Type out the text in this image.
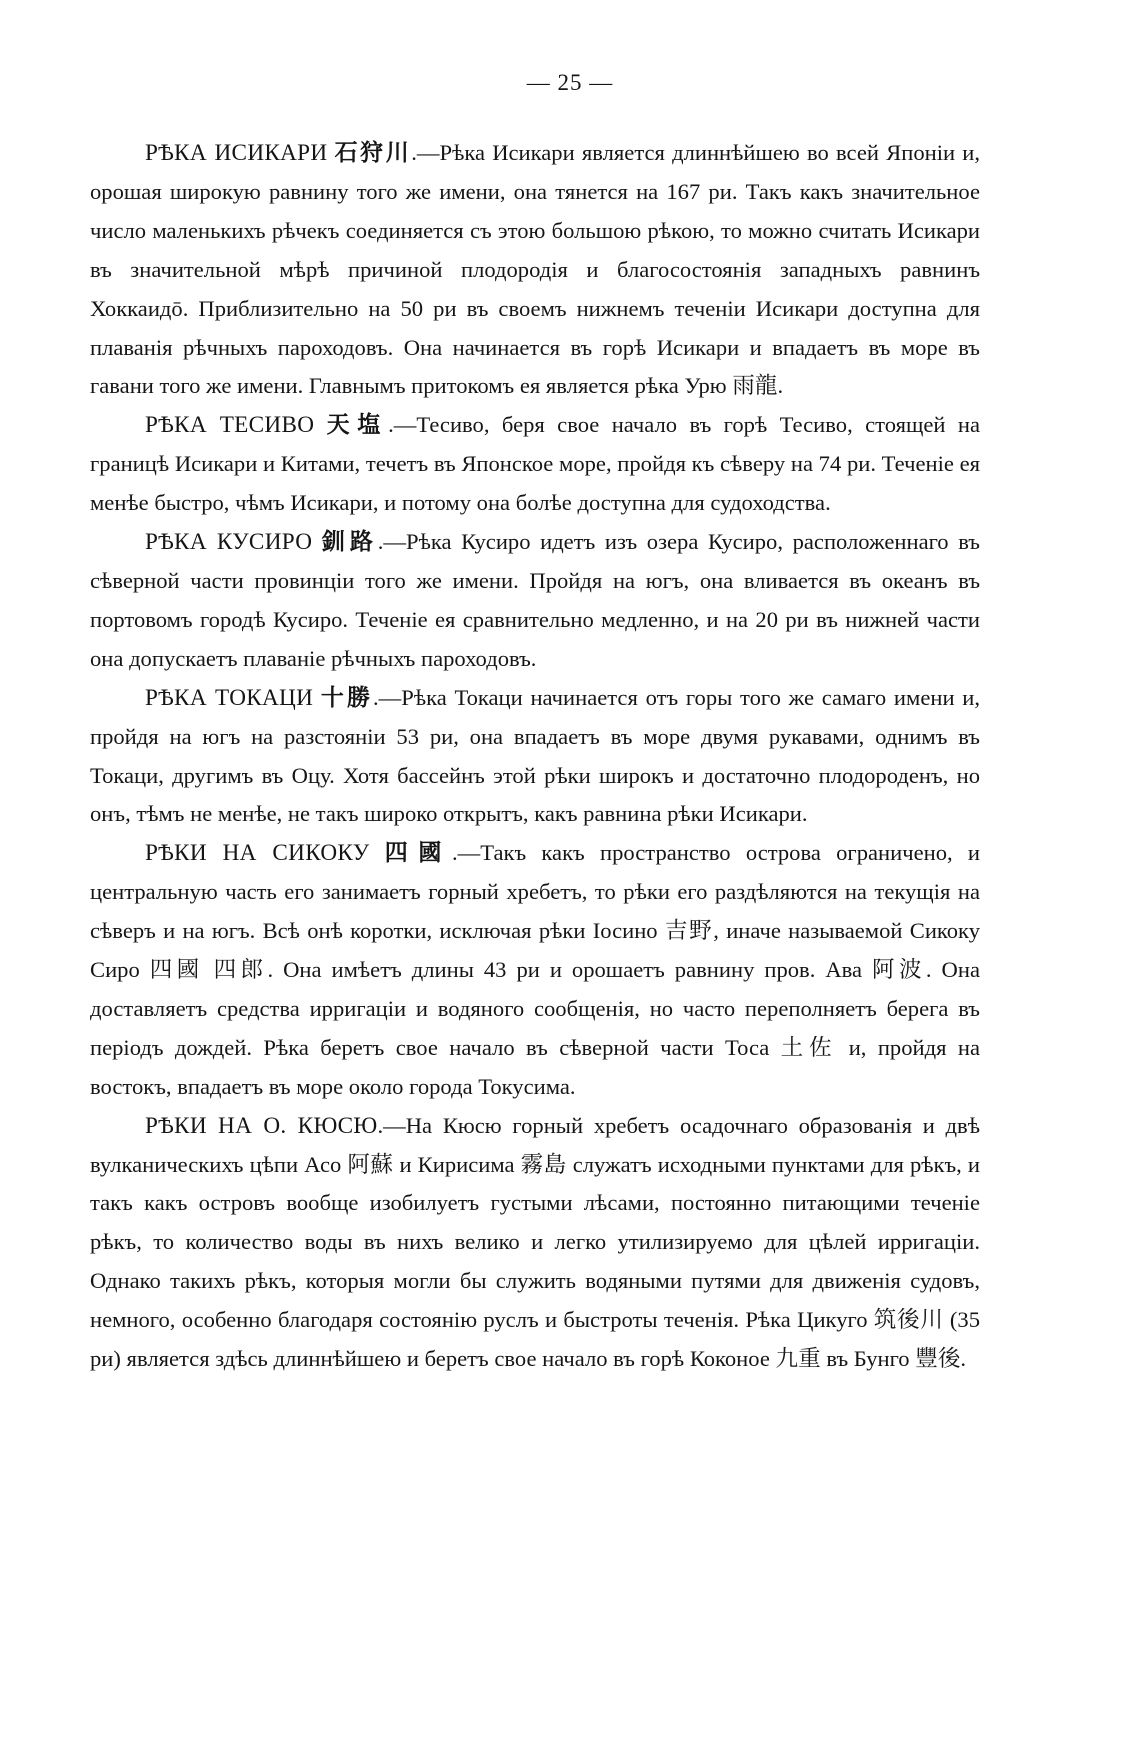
— 25 —

РѢКА ИСИКАРИ 石狩川.—Рѣка Исикари является длиннѣйшею во всей Японіи и, орошая широкую равнину того же имени, она тянется на 167 ри. Такъ какъ значительное число маленькихъ рѣчекъ соединяется съ этою большою рѣкою, то можно считать Исикари въ значительной мѣрѣ причиной плодородія и благосостоянія западныхъ равнинъ Хоккаидō. Приблизительно на 50 ри въ своемъ нижнемъ теченіи Исикари доступна для плаванія рѣчныхъ пароходовъ. Она начинается въ горѣ Исикари и впадаетъ въ море въ гавани того же имени. Главнымъ притокомъ ея является рѣка Урю 雨龍.

РѢКА ТЕСИВО 天塩.—Тесиво, беря свое начало въ горѣ Тесиво, стоящей на границѣ Исикари и Китами, течетъ въ Японское море, пройдя къ сѣверу на 74 ри. Теченіе ея менѣе быстро, чѣмъ Исикари, и потому она болѣе доступна для судоходства.

РѢКА КУСИРО 釧路.—Рѣка Кусиро идетъ изъ озера Кусиро, расположеннаго въ сѣверной части провинціи того же имени. Пройдя на югъ, она вливается въ океанъ въ портовомъ городѣ Кусиро. Теченіе ея сравнительно медленно, и на 20 ри въ нижней части она допускаетъ плаваніе рѣчныхъ пароходовъ.

РѢКА ТОКАЦИ 十勝.—Рѣка Токаци начинается отъ горы того же самаго имени и, пройдя на югъ на разстояніи 53 ри, она впадаетъ въ море двумя рукавами, однимъ въ Токаци, другимъ въ Оцу. Хотя бассейнъ этой рѣки широкъ и достаточно плодороденъ, но онъ, тѣмъ не менѣе, не такъ широко открытъ, какъ равнина рѣки Исикари.

РѢКИ НА СИКОКУ 四國.—Такъ какъ пространство острова ограничено, и центральную часть его занимаетъ горный хребетъ, то рѣки его раздѣляются на текущія на сѣверъ и на югъ. Всѣ онѣ коротки, исключая рѣки Іосино 吉野, иначе называемой Сикоку Сиро 四國 四郎. Она имѣетъ длины 43 ри и орошаетъ равнину пров. Ава 阿波. Она доставляетъ средства ирригаціи и водяного сообщенія, но часто переполняетъ берега въ періодъ дождей. Рѣка беретъ свое начало въ сѣверной части Тоса 土佐 и, пройдя на востокъ, впадаетъ въ море около города Токусима.

РѢКИ НА О. КЮСЮ.—На Кюсю горный хребетъ осадочнаго образованія и двѣ вулканическихъ цѣпи Асо 阿蘇 и Киpисима 霧島 служатъ исходными пунктами для рѣкъ, и такъ какъ островъ вообще изобилуетъ густыми лѣсами, постоянно питающими теченіе рѣкъ, то количество воды въ нихъ велико и легко утилизируемо для цѣлей ирригаціи. Однако такихъ рѣкъ, которыя могли бы служить водяными путями для движенія судовъ, немного, особенно благодаря состоянію руслъ и быстроты теченія. Рѣка Цикуго 筑後川 (35 ри) является здѣсь длиннѣйшею и беретъ свое начало въ горѣ Коконое 九重 въ Бунго 豐後.
